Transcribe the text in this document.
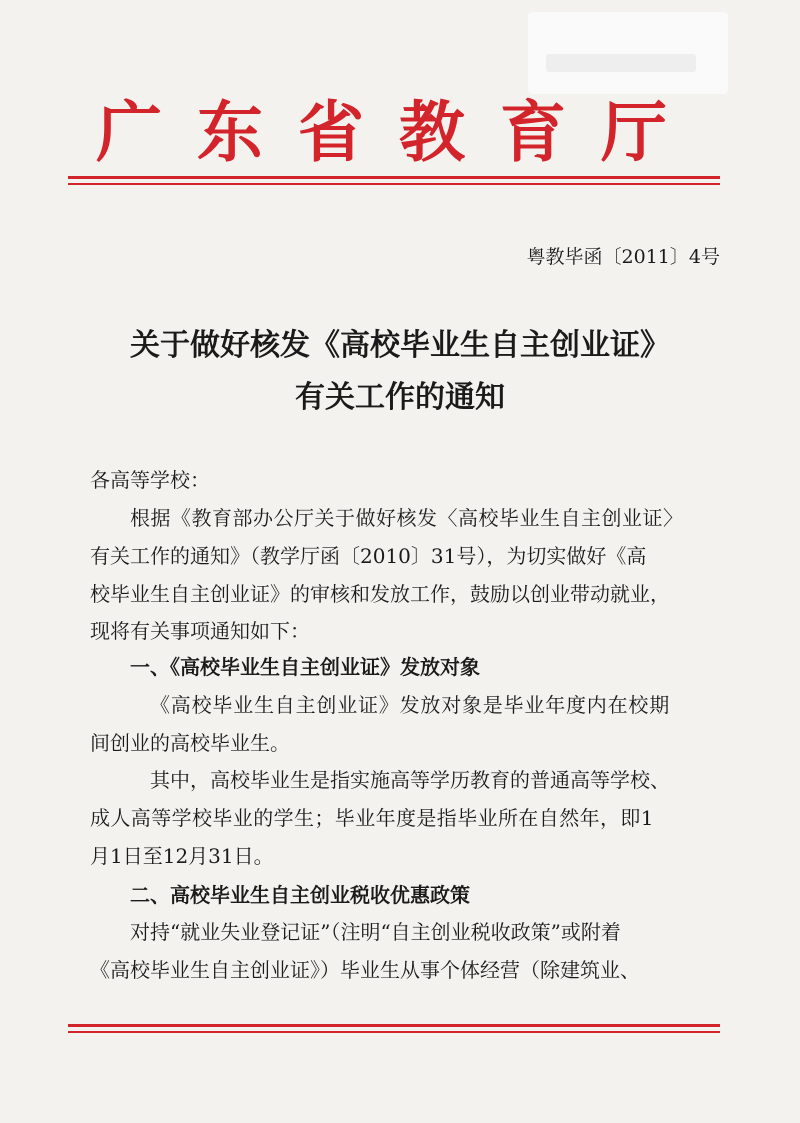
广东省教育厅
粤教毕函〔2011〕4号
关于做好核发《高校毕业生自主创业证》
有关工作的通知
各高等学校：
根据《教育部办公厅关于做好核发〈高校毕业生自主创业证〉
有关工作的通知》（教学厅函〔2010〕31号），为切实做好《高
校毕业生自主创业证》的审核和发放工作，鼓励以创业带动就业，
现将有关事项通知如下：
一、《高校毕业生自主创业证》发放对象
《高校毕业生自主创业证》发放对象是毕业年度内在校期
间创业的高校毕业生。
其中，高校毕业生是指实施高等学历教育的普通高等学校、
成人高等学校毕业的学生；毕业年度是指毕业所在自然年，即1
月1日至12月31日。
二、高校毕业生自主创业税收优惠政策
对持“就业失业登记证”（注明“自主创业税收政策”或附着
《高校毕业生自主创业证》）毕业生从事个体经营（除建筑业、
